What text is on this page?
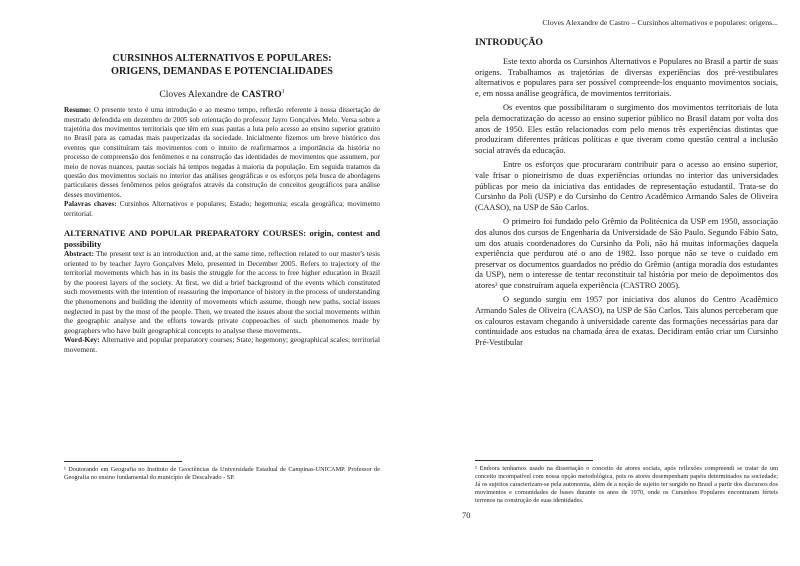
CURSINHOS ALTERNATIVOS E POPULARES:
ORIGENS, DEMANDAS E POTENCIALIDADES
Cloves Alexandre de CASTRO$^1$

Resumo: O presente texto é uma introdução e ao mesmo tempo, reflexão referente à nossa dissertação de mestrado defendida em dezembro de 2005 sob orientação do professor Jayro Gonçalves Melo. Versa sobre a trajetória dos movimentos territoriais que têm em suas pautas a luta pelo acesso ao ensino superior gratuito no Brasil para as camadas mais pauperizadas da sociedade. Inicialmente fizemos um breve histórico dos eventos que constituíram tais movimentos com o intuito de reafirmarmos a importância da história no processo de compreensão dos fenômenos e na construção das identidades de movimentos que assumem, por meio de novas nuances, pautas sociais há tempos negadas à maioria da população. Em seguida tratamos da questão dos movimentos sociais no interior das análises geográficas e os esforços pela busca de abordagens particulares desses fenômenos pelos geógrafos através da construção de conceitos geográficos para análise desses movimentos.

Palavras chaves: Cursinhos Alternativos e populares; Estado; hegemonia; escala geográfica; movimento territorial.

ALTERNATIVE AND POPULAR PREPARATORY COURSES: origin, contest and possibility

Abstract: The present text is an introduction and, at the same time, reflection related to our master's tesis oriented to by teacher Jayro Gonçalves Melo, presented in December 2005. Refers to trajectory of the territorial movements which has in its basis the struggle for the access to free higher education in Brazil by the poorest layers of the society. At first, we did a brief background of the events which constituted such movements with the intention of reassuring the importance of history in the process of understanding the phenomenons and building the identity of movements which assume, though new paths, social issues neglected in past by the most of the people. Then, we treated the issues about the social movements within the geographic analyse and the efforts towards private coppeoaches of such phenomenos made by geographers who have built geographical concepts to analyse these movements..

Word-Key: Alternative and popular preparatory courses; State; hegemony; geographical scales; territorial movement.

¹ Doutorando em Geografia no Instituto de Geociências da Universidade Estadual de Campinas-UNICAMP. Professor de Geografia no ensino fundamental do município de Descalvado - SP.
Cloves Alexandre de Castro – Cursinhos alternativos e populares: origens...
INTRODUÇÃO

Este texto aborda os Cursinhos Alternativos e Populares no Brasil a partir de suas origens. Trabalhamos as trajetórias de diversas experiências dos pré-vestibulares alternativos e populares para ser possível compreende-los enquanto movimentos sociais, e, em nossa análise geográfica, de movimentos territoriais.

Os eventos que possibilitaram o surgimento dos movimentos territoriais de luta pela democratização do acesso ao ensino superior público no Brasil datam por volta dos anos de 1950. Eles estão relacionados com pelo menos três experiências distintas que produziram diferentes práticas políticas e que tiveram como questão central a inclusão social através da educação.

Entre os esforços que procuraram contribuir para o acesso ao ensino superior, vale frisar o pioneirismo de duas experiências oriundas no interior das universidades públicas por meio da iniciativa das entidades de representação estudantil. Trata-se do Cursinho da Poli (USP) e do Cursinho do Centro Acadêmico Armando Sales de Oliveira (CAASO), na USP de São Carlos.

O primeiro foi fundado pelo Grêmio da Politécnica da USP em 1950, associação dos alunos dos cursos de Engenharia da Universidade de São Paulo. Segundo Fábio Sato, um dos atuais coordenadores do Cursinho da Poli, não há muitas informações daquela experiência que perdurou até o ano de 1982. Isso porque não se teve o cuidado em preservar os documentos guardados no prédio do Grêmio (antiga moradia dos estudantes da USP), nem o interesse de tentar reconstituir tal história por meio de depoimentos dos atores² que construíram aquela experiência (CASTRO 2005).

O segundo surgiu em 1957 por iniciativa dos alunos do Centro Acadêmico Armando Sales de Oliveira (CAASO), na USP de São Carlos. Tais alunos perceberam que os calouros estavam chegando à universidade carente das formações necessárias para dar continuidade aos estudos na chamada área de exatas. Decidiram então criar um Cursinho Pré-Vestibular

² Embora tenhamos usado na dissertação o conceito de atores sociais, após reflexões compreendi se tratar de um conceito incompatível com nossa opção metodológica, pois os atores desempenham papéis determinados na sociedade; Já os sujeitos caracterizam-se pela autonomia, além de a noção de sujeito ter surgido no Brasil a partir dos discursos dos movimentos e comunidades de bases durante os anos de 1970, onde os Cursinhos Populares encontraram férteis terrenos na construção de suas identidades.
70
